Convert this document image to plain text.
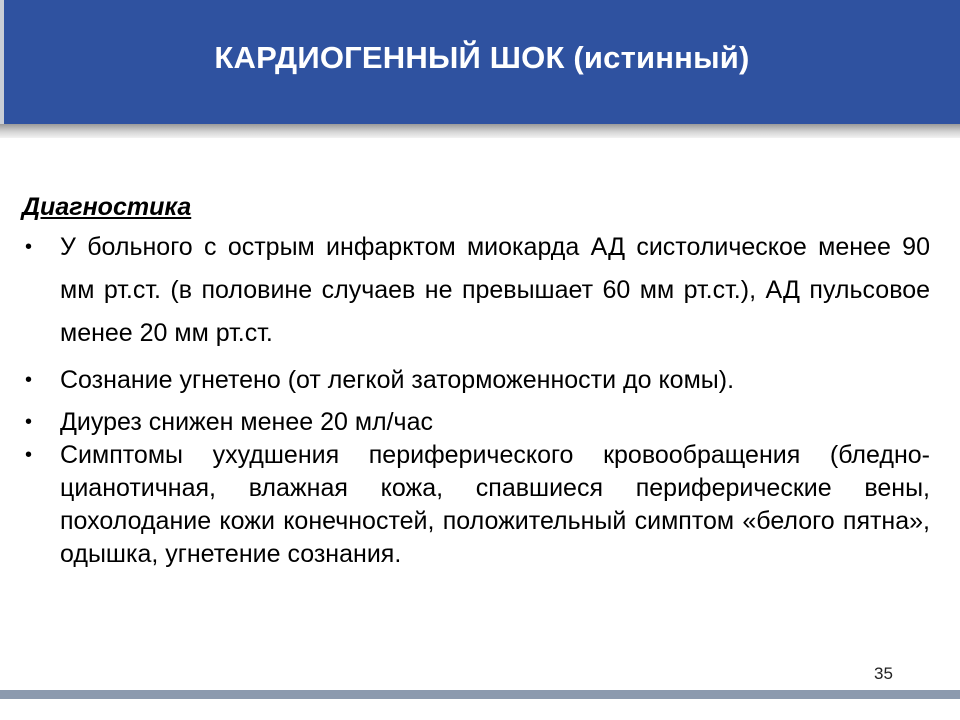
КАРДИОГЕННЫЙ ШОК (истинный)

Диагностика

• У больного с острым инфарктом миокарда АД систолическое менее 90 мм рт.ст. (в половине случаев не превышает 60 мм рт.ст.), АД пульсовое менее 20 мм рт.ст.
• Сознание угнетено (от легкой заторможенности до комы).
• Диурез снижен менее 20 мл/час
• Симптомы ухудшения периферического кровообращения (бледно-цианотичная, влажная кожа, спавшиеся периферические вены, похолодание кожи конечностей, положительный симптом «белого пятна», одышка, угнетение сознания.
35
